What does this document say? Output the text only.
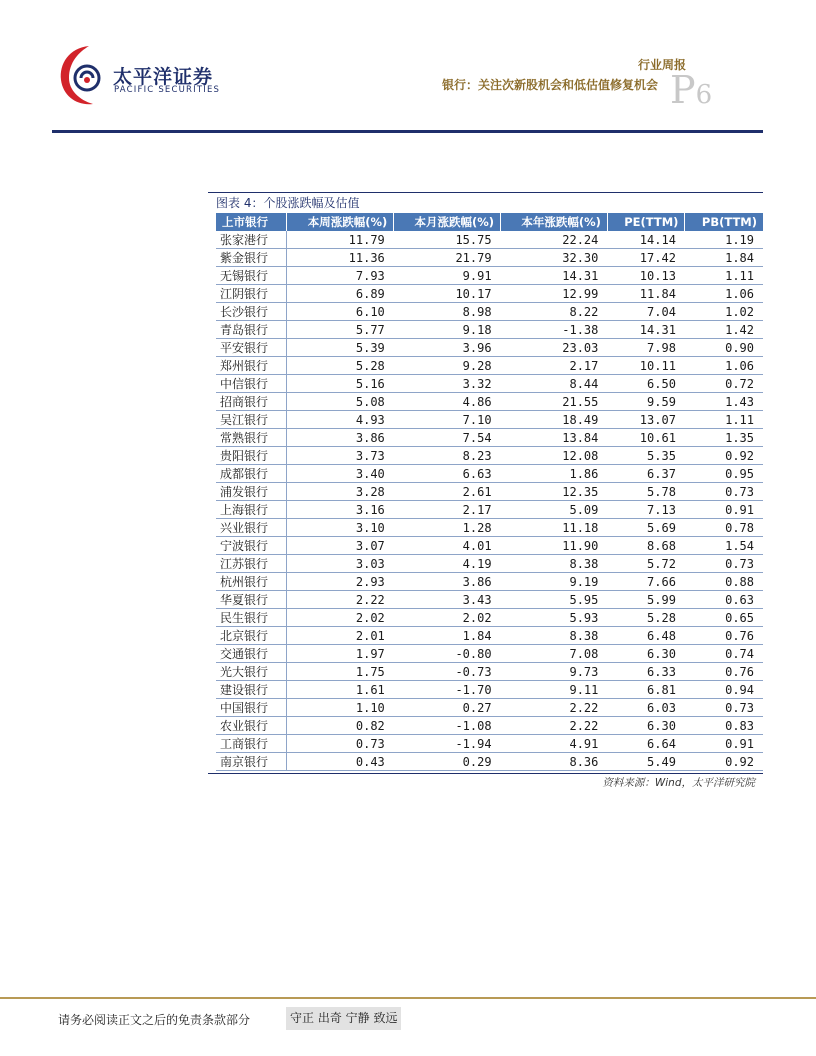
太平洋证券
PACIFIC SECURITIES
行业周报
银行：关注次新股机会和低估值修复机会 P6
图表 4：个股涨跌幅及估值
上市银行	本周涨跌幅(%)	本月涨跌幅(%)	本年涨跌幅(%)	PE(TTM)	PB(TTM)
张家港行	11.79	15.75	22.24	14.14	1.19
紫金银行	11.36	21.79	32.30	17.42	1.84
无锡银行	7.93	9.91	14.31	10.13	1.11
江阴银行	6.89	10.17	12.99	11.84	1.06
长沙银行	6.10	8.98	8.22	7.04	1.02
青岛银行	5.77	9.18	-1.38	14.31	1.42
平安银行	5.39	3.96	23.03	7.98	0.90
郑州银行	5.28	9.28	2.17	10.11	1.06
中信银行	5.16	3.32	8.44	6.50	0.72
招商银行	5.08	4.86	21.55	9.59	1.43
吴江银行	4.93	7.10	18.49	13.07	1.11
常熟银行	3.86	7.54	13.84	10.61	1.35
贵阳银行	3.73	8.23	12.08	5.35	0.92
成都银行	3.40	6.63	1.86	6.37	0.95
浦发银行	3.28	2.61	12.35	5.78	0.73
上海银行	3.16	2.17	5.09	7.13	0.91
兴业银行	3.10	1.28	11.18	5.69	0.78
宁波银行	3.07	4.01	11.90	8.68	1.54
江苏银行	3.03	4.19	8.38	5.72	0.73
杭州银行	2.93	3.86	9.19	7.66	0.88
华夏银行	2.22	3.43	5.95	5.99	0.63
民生银行	2.02	2.02	5.93	5.28	0.65
北京银行	2.01	1.84	8.38	6.48	0.76
交通银行	1.97	-0.80	7.08	6.30	0.74
光大银行	1.75	-0.73	9.73	6.33	0.76
建设银行	1.61	-1.70	9.11	6.81	0.94
中国银行	1.10	0.27	2.22	6.03	0.73
农业银行	0.82	-1.08	2.22	6.30	0.83
工商银行	0.73	-1.94	4.91	6.64	0.91
南京银行	0.43	0.29	8.36	5.49	0.92
资料来源：Wind，太平洋研究院
请务必阅读正文之后的免责条款部分	守正 出奇 宁静 致远
